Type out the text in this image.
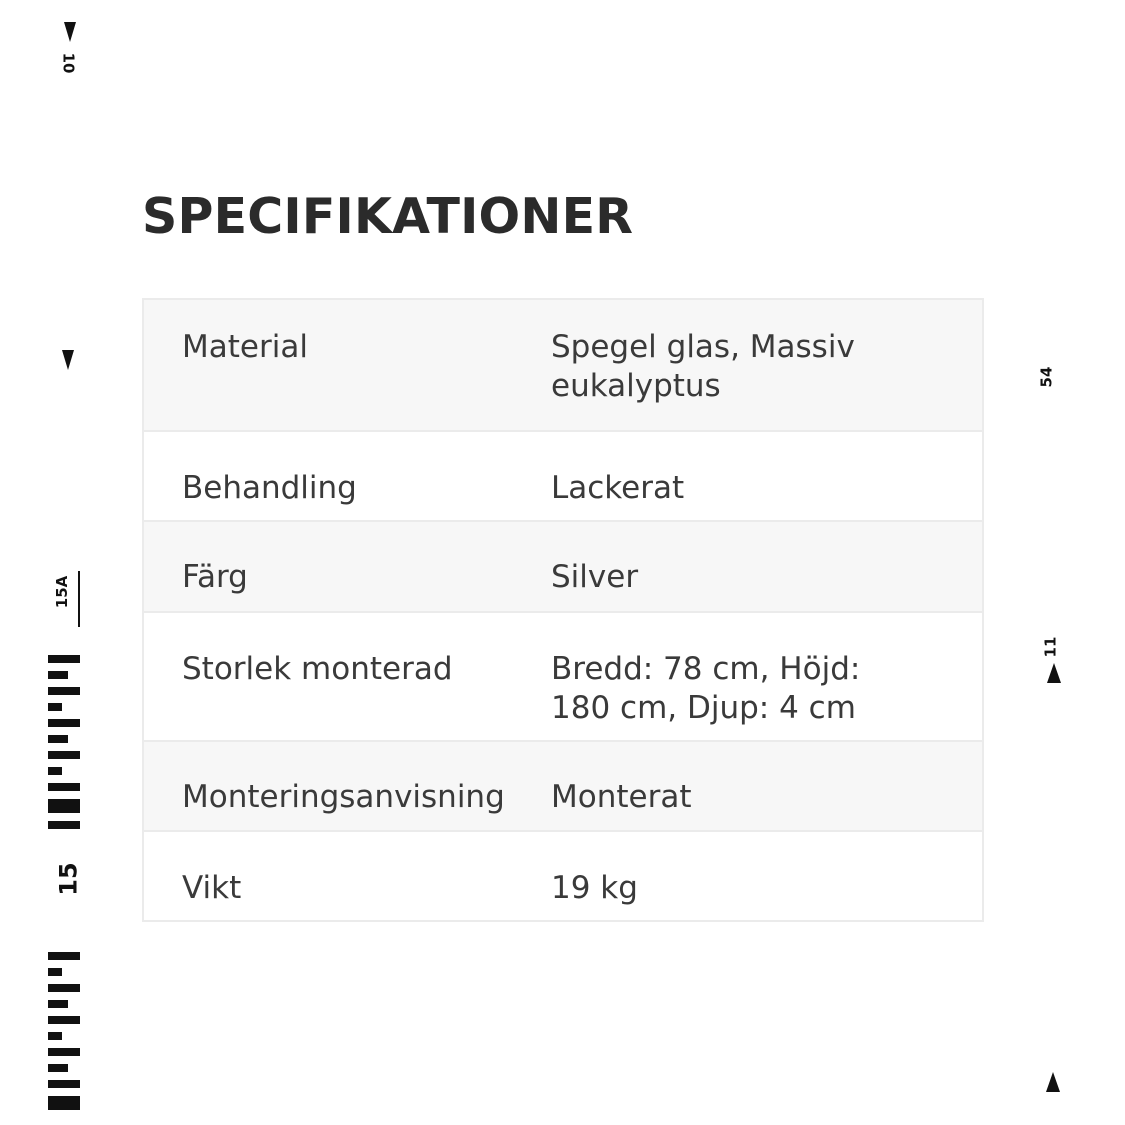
SPECIFIKATIONER
Material	Spegel glas, Massiv
eukalyptus
Behandling	Lackerat
Färg	Silver
Storlek monterad	Bredd: 78 cm, Höjd:
180 cm, Djup: 4 cm
Monteringsanvisning	Monterat
Vikt	19 kg
10
15A
15
54
11
